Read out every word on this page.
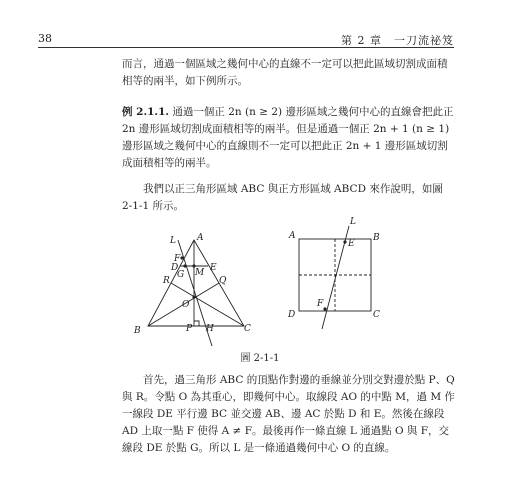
38	第 2 章　一刀流祕笈
而言，通過一個區域之幾何中心的直線不一定可以把此區域切割成面積相等的兩半，如下例所示。
例 2.1.1. 通過一個正 2n (n ≥ 2) 邊形區域之幾何中心的直線會把此正 2n 邊形區域切割成面積相等的兩半。但是通過一個正 2n + 1 (n ≥ 1) 邊形區域之幾何中心的直線則不一定可以把此正 2n + 1 邊形區域切割成面積相等的兩半。
我們以正三角形區域 ABC 與正方形區域 ABCD 來作說明，如圖 2-1-1 所示。
L A
B	C
P
Q
R
O
M
D	E
F
G
H
A	B
C
D
E
F
L
圖 2-1-1
首先，過三角形 ABC 的頂點作對邊的垂線並分別交對邊於點 P、Q 與 R。令點 O 為其重心，即幾何中心。取線段 AO 的中點 M，過 M 作一線段 DE 平行邊 BC 並交邊 AB、邊 AC 於點 D 和 E。然後在線段 AD 上取一點 F 使得 A ≠ F。最後再作一條直線 L 通過點 O 與 F，交線段 DE 於點 G。所以 L 是一條通過幾何中心 O 的直線。
